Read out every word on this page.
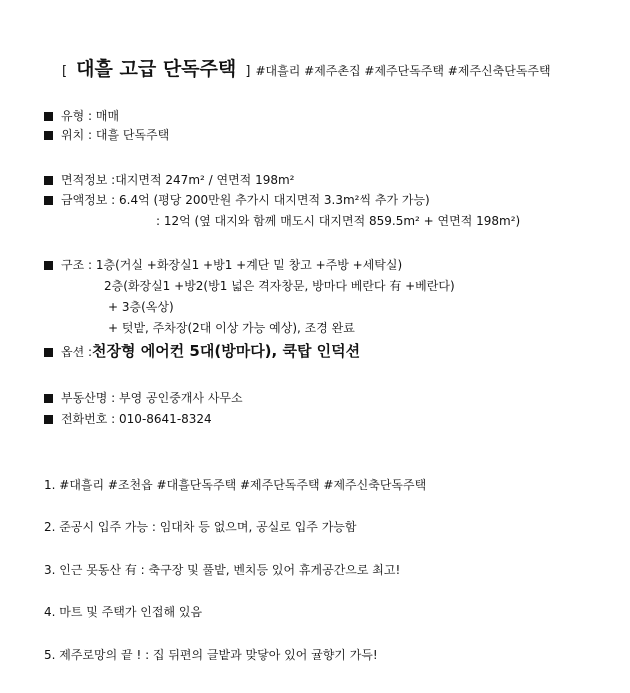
[ 대흘 고급 단독주택 ] #대흘리 #제주촌집 #제주단독주택 #제주신축단독주택
유형 : 매매
위치 : 대흘 단독주택
면적정보 :대지면적 247m² / 연면적 198m²
금액정보 : 6.4억 (평당 200만원 추가시 대지면적 3.3m²씩 추가 가능)
: 12억 (옆 대지와 함께 매도시 대지면적 859.5m² + 연면적 198m²)
구조 : 1층(거실 +화장실1 +방1 +계단 밑 창고 +주방 +세탁실)
2층(화장실1 +방2(방1 넓은 격자창문, 방마다 베란다 有 +베란다)
+ 3층(옥상)
+ 텃밭, 주차장(2대 이상 가능 예상), 조경 완료
옵션 :천장형 에어컨 5대(방마다), 쿡탑 인덕션
부동산명 : 부영 공인중개사 사무소
전화번호 : 010-8641-8324
1. #대흘리 #조천읍 #대흘단독주택 #제주단독주택 #제주신축단독주택
2. 준공시 입주 가능 : 임대차 등 없으며, 공실로 입주 가능함
3. 인근 못동산 有 : 축구장 및 풀밭, 벤치등 있어 휴게공간으로 최고!
4. 마트 및 주택가 인접해 있음
5. 제주로망의 끝 ! : 집 뒤편의 글밭과 맞닿아 있어 귤향기 가득!
